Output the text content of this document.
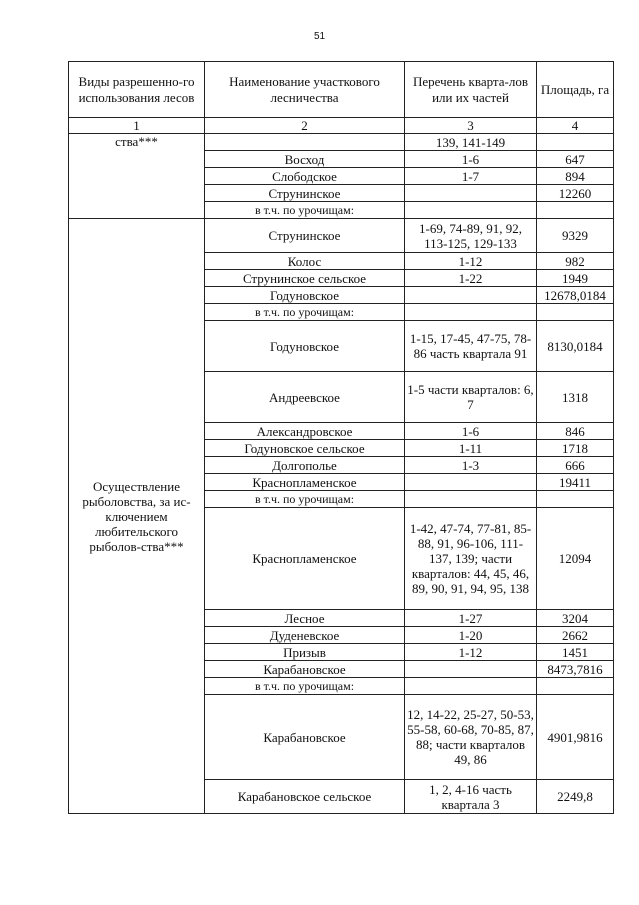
51
Виды разрешенно-го использования лесов	Наименование участкового лесничества	Перечень кварта-лов или их частей	Площадь, га
1	2	3	4
ства***		139, 141-149	
	Восход	1-6	647
	Слободское	1-7	894
	Струнинское		12260
	в т.ч. по урочищам:		
Осуществление рыболовства, за ис-ключением любительского рыболов-ства***	Струнинское	1-69, 74-89, 91, 92, 113-125, 129-133	9329
	Колос	1-12	982
	Струнинское сельское	1-22	1949
	Годуновское		12678,0184
	в т.ч. по урочищам:		
	Годуновское	1-15, 17-45, 47-75, 78-86 часть квартала 91	8130,0184
	Андреевское	1-5 части кварталов: 6, 7	1318
	Александровское	1-6	846
	Годуновское сельское	1-11	1718
	Долгополье	1-3	666
	Краснопламенское		19411
	в т.ч. по урочищам:		
	Краснопламенское	1-42, 47-74, 77-81, 85-88, 91, 96-106, 111-137, 139; части кварталов: 44, 45, 46, 89, 90, 91, 94, 95, 138	12094
	Лесное	1-27	3204
	Дуденевское	1-20	2662
	Призыв	1-12	1451
	Карабановское		8473,7816
	в т.ч. по урочищам:		
	Карабановское	12, 14-22, 25-27, 50-53, 55-58, 60-68, 70-85, 87, 88; части кварталов 49, 86	4901,9816
	Карабановское сельское	1, 2, 4-16 часть квартала 3	2249,8
